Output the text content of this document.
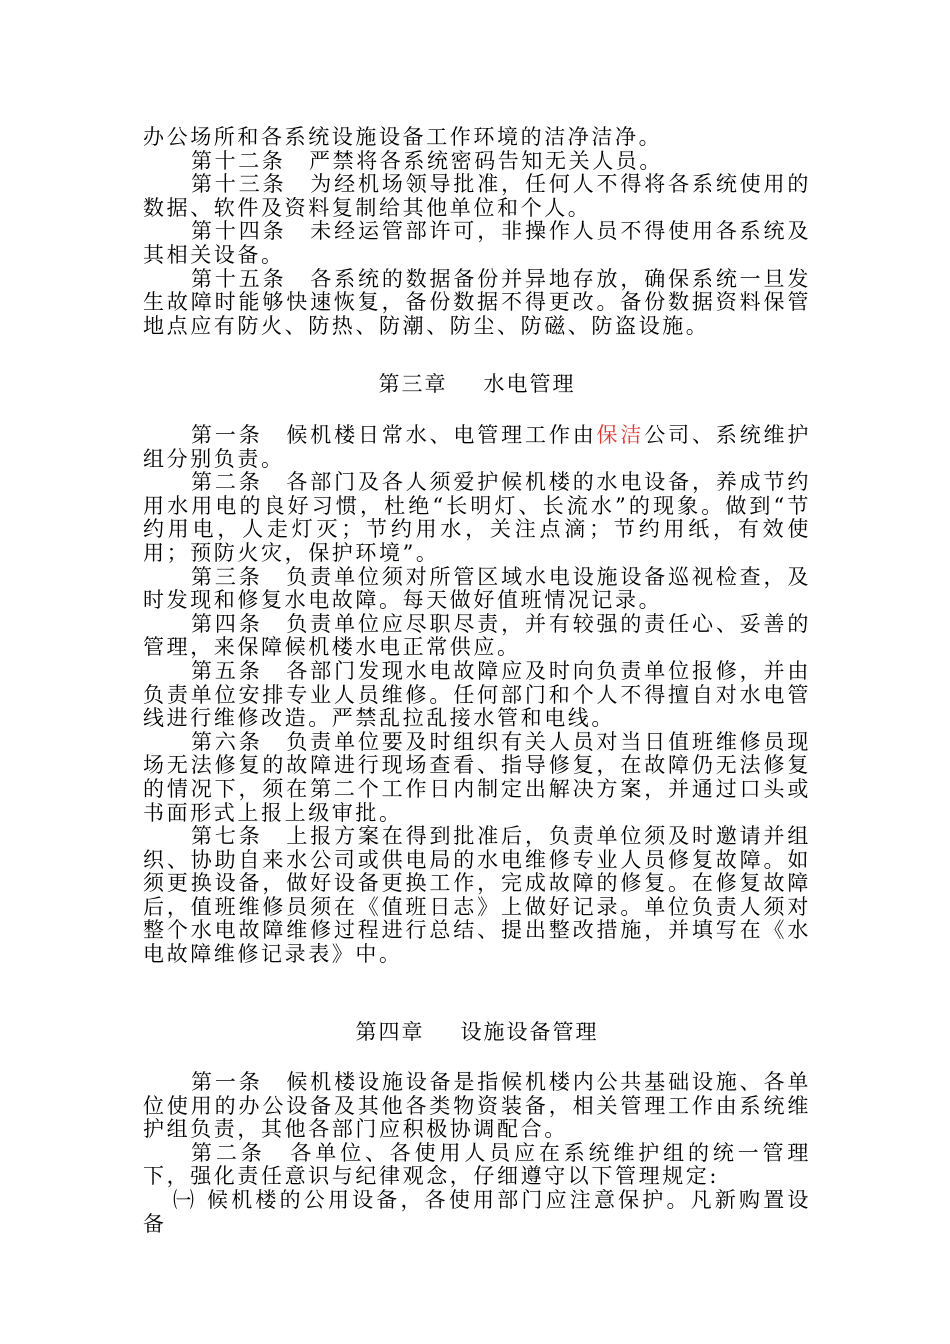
办公场所和各系统设施设备工作环境的洁净洁净。

第十二条　严禁将各系统密码告知无关人员。

第十三条　为经机场领导批准，任何人不得将各系统使用的数据、软件及资料复制给其他单位和个人。

第十四条　未经运管部许可，非操作人员不得使用各系统及其相关设备。

第十五条　各系统的数据备份并异地存放，确保系统一旦发生故障时能够快速恢复，备份数据不得更改。备份数据资料保管地点应有防火、防热、防潮、防尘、防磁、防盗设施。

第三章 水电管理

第一条　候机楼日常水、电管理工作由保洁公司、系统维护组分别负责。

第二条　各部门及各人须爱护候机楼的水电设备，养成节约用水用电的良好习惯，杜绝“长明灯、长流水”的现象。做到“节约用电，人走灯灭；节约用水，关注点滴；节约用纸，有效使用；预防火灾，保护环境”。

第三条　负责单位须对所管区域水电设施设备巡视检查，及时发现和修复水电故障。每天做好值班情况记录。

第四条　负责单位应尽职尽责，并有较强的责任心、妥善的管理，来保障候机楼水电正常供应。

第五条　各部门发现水电故障应及时向负责单位报修，并由负责单位安排专业人员维修。任何部门和个人不得擅自对水电管线进行维修改造。严禁乱拉乱接水管和电线。

第六条　负责单位要及时组织有关人员对当日值班维修员现场无法修复的故障进行现场查看、指导修复，在故障仍无法修复的情况下，须在第二个工作日内制定出解决方案，并通过口头或书面形式上报上级审批。

第七条　上报方案在得到批准后，负责单位须及时邀请并组织、协助自来水公司或供电局的水电维修专业人员修复故障。如须更换设备，做好设备更换工作，完成故障的修复。在修复故障后，值班维修员须在《值班日志》上做好记录。单位负责人须对整个水电故障维修过程进行总结、提出整改措施，并填写在《水电故障维修记录表》中。

第四章 设施设备管理

第一条　候机楼设施设备是指候机楼内公共基础设施、各单位使用的办公设备及其他各类物资装备，相关管理工作由系统维护组负责，其他各部门应积极协调配合。

第二条　各单位、各使用人员应在系统维护组的统一管理下，强化责任意识与纪律观念，仔细遵守以下管理规定:

㈠ 候机楼的公用设备，各使用部门应注意保护。凡新购置设备
